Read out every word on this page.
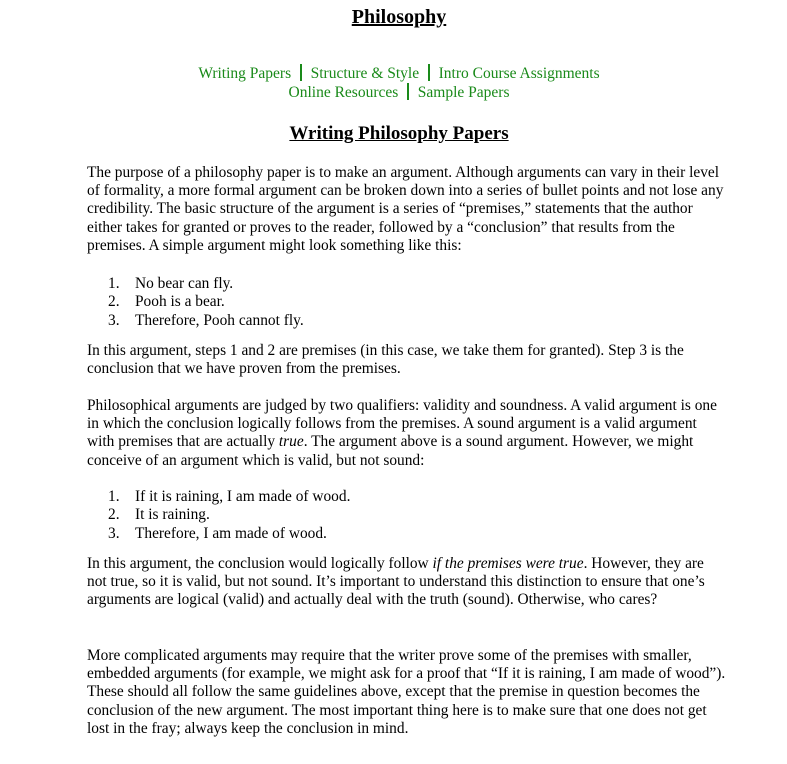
Philosophy
Writing Papers Structure & Style Intro Course Assignments
Online Resources Sample Papers
Writing Philosophy Papers

The purpose of a philosophy paper is to make an argument. Although arguments can vary in their level of formality, a more formal argument can be broken down into a series of bullet points and not lose any credibility. The basic structure of the argument is a series of “premises,” statements that the author either takes for granted or proves to the reader, followed by a “conclusion” that results from the premises. A simple argument might look something like this:

1. No bear can fly.
2. Pooh is a bear.
3. Therefore, Pooh cannot fly.

In this argument, steps 1 and 2 are premises (in this case, we take them for granted). Step 3 is the conclusion that we have proven from the premises.

Philosophical arguments are judged by two qualifiers: validity and soundness. A valid argument is one in which the conclusion logically follows from the premises. A sound argument is a valid argument with premises that are actually true. The argument above is a sound argument. However, we might conceive of an argument which is valid, but not sound:

1. If it is raining, I am made of wood.
2. It is raining.
3. Therefore, I am made of wood.

In this argument, the conclusion would logically follow if the premises were true. However, they are not true, so it is valid, but not sound. It’s important to understand this distinction to ensure that one’s arguments are logical (valid) and actually deal with the truth (sound). Otherwise, who cares?

More complicated arguments may require that the writer prove some of the premises with smaller, embedded arguments (for example, we might ask for a proof that “If it is raining, I am made of wood”). These should all follow the same guidelines above, except that the premise in question becomes the conclusion of the new argument. The most important thing here is to make sure that one does not get lost in the fray; always keep the conclusion in mind.
